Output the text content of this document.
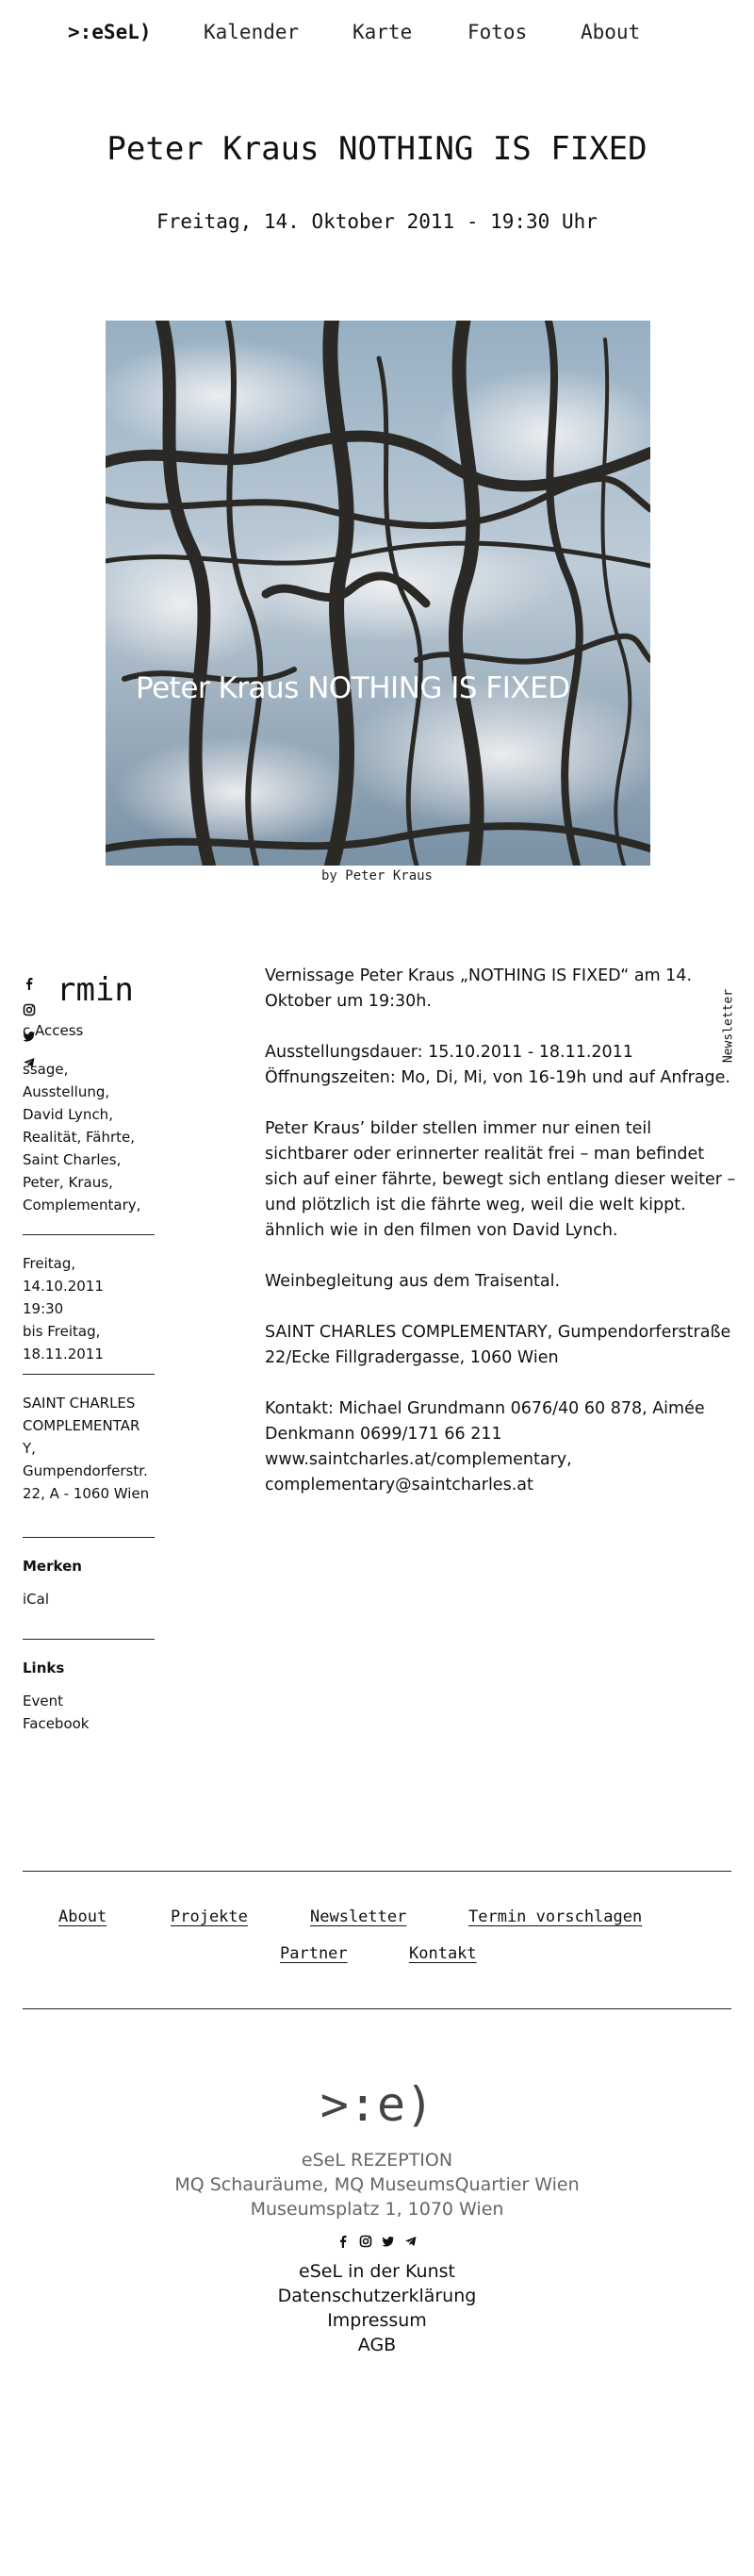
>:eSeL)	Kalender	Karte	Fotos	About
Peter Kraus NOTHING IS FIXED
Freitag, 14. Oktober 2011 - 19:30 Uhr
Peter Kraus NOTHING IS FIXED
by Peter Kraus
rmin
c Access
ssage, Ausstellung, David Lynch, Realität, Fährte, Saint Charles, Peter, Kraus, Complementary,
Freitag, 14.10.2011
19:30
bis Freitag,
18.11.2011
SAINT CHARLES
COMPLEMENTAR
Y,
Gumpendorferstr.
22, A - 1060 Wien
Merken
iCal
Links
Event
Facebook

Vernissage Peter Kraus „NOTHING IS FIXED“ am 14. Oktober um 19:30h.

Ausstellungsdauer: 15.10.2011 - 18.11.2011
Öffnungszeiten: Mo, Di, Mi, von 16-19h und auf Anfrage.

Peter Kraus’ bilder stellen immer nur einen teil sichtbarer oder erinnerter realität frei – man befindet sich auf einer fährte, bewegt sich entlang dieser weiter – und plötzlich ist die fährte weg, weil die welt kippt. ähnlich wie in den filmen von David Lynch.

Weinbegleitung aus dem Traisental.

SAINT CHARLES COMPLEMENTARY, Gumpendorferstraße 22/Ecke Fillgradergasse, 1060 Wien

Kontakt: Michael Grundmann 0676/40 60 878, Aimée Denkmann 0699/171 66 211 www.saintcharles.at/complementary, complementary@saintcharles.at

Newsletter
About	Projekte	Newsletter	Termin vorschlagen
Partner	Kontakt
>:e)
eSeL REZEPTION
MQ Schauräume, MQ MuseumsQuartier Wien
Museumsplatz 1, 1070 Wien
eSeL in der Kunst
Datenschutzerklärung
Impressum
AGB
